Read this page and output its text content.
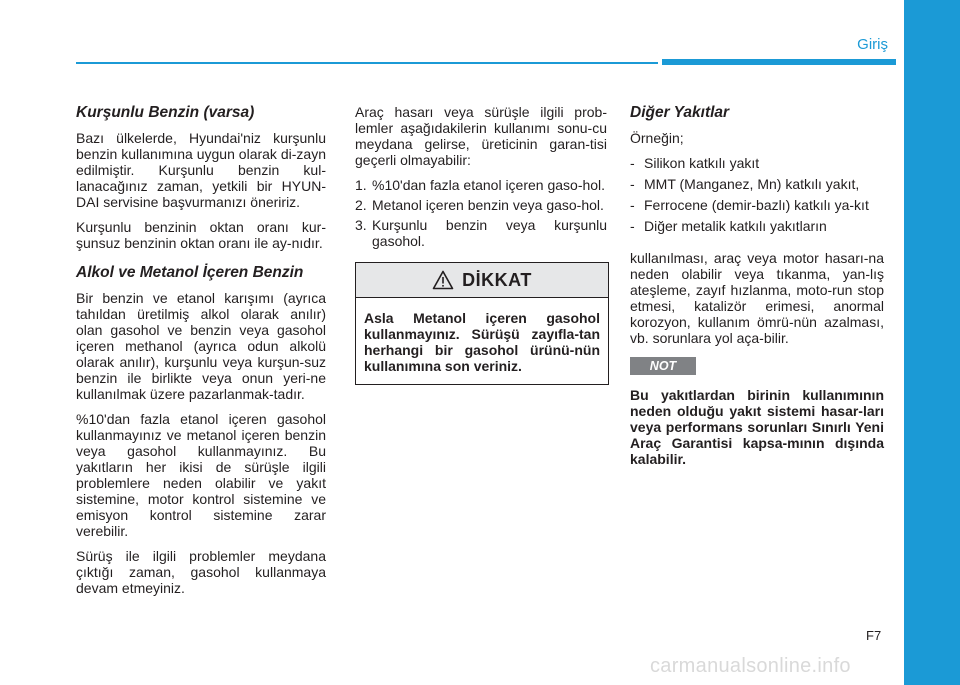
Giriş
Kurşunlu Benzin (varsa)

Bazı ülkelerde, Hyundai'niz kurşunlu benzin kullanımına uygun olarak di-zayn edilmiştir. Kurşunlu benzin kul-lanacağınız zaman, yetkili bir HYUN-DAI servisine başvurmanızı öneririz.

Kurşunlu benzinin oktan oranı kur-şunsuz benzinin oktan oranı ile ay-nıdır.

Alkol ve Metanol İçeren Benzin

Bir benzin ve etanol karışımı (ayrıca tahıldan üretilmiş alkol olarak anılır) olan gasohol ve benzin veya gasohol içeren methanol (ayrıca odun alkolü olarak anılır), kurşunlu veya kurşun-suz benzin ile birlikte veya onun yeri-ne kullanılmak üzere pazarlanmak-tadır.

%10'dan fazla etanol içeren gasohol kullanmayınız ve metanol içeren benzin veya gasohol kullanmayınız. Bu yakıtların her ikisi de sürüşle ilgili problemlere neden olabilir ve yakıt sistemine, motor kontrol sistemine ve emisyon kontrol sistemine zarar verebilir.

Sürüş ile ilgili problemler meydana çıktığı zaman, gasohol kullanmaya devam etmeyiniz.

Araç hasarı veya sürüşle ilgili prob-lemler aşağıdakilerin kullanımı sonu-cu meydana gelirse, üreticinin garan-tisi geçerli olmayabilir:

1. %10'dan fazla etanol içeren gaso-hol.
2. Metanol içeren benzin veya gaso-hol.
3. Kurşunlu benzin veya kurşunlu gasohol.
DİKKAT

Asla Metanol içeren gasohol kullanmayınız. Sürüşü zayıfla-tan herhangi bir gasohol ürünü-nün kullanımına son veriniz.

Diğer Yakıtlar

Örneğin;

- Silikon katkılı yakıt
- MMT (Manganez, Mn) katkılı yakıt,
- Ferrocene (demir-bazlı) katkılı ya-kıt
- Diğer metalik katkılı yakıtların

kullanılması, araç veya motor hasarı-na neden olabilir veya tıkanma, yan-lış ateşleme, zayıf hızlanma, moto-run stop etmesi, katalizör erimesi, anormal korozyon, kullanım ömrü-nün azalması, vb. sorunlara yol aça-bilir.

NOT

Bu yakıtlardan birinin kullanımının neden olduğu yakıt sistemi hasar-ları veya performans sorunları Sınırlı Yeni Araç Garantisi kapsa-mının dışında kalabilir.

F7
carmanualsonline.info
